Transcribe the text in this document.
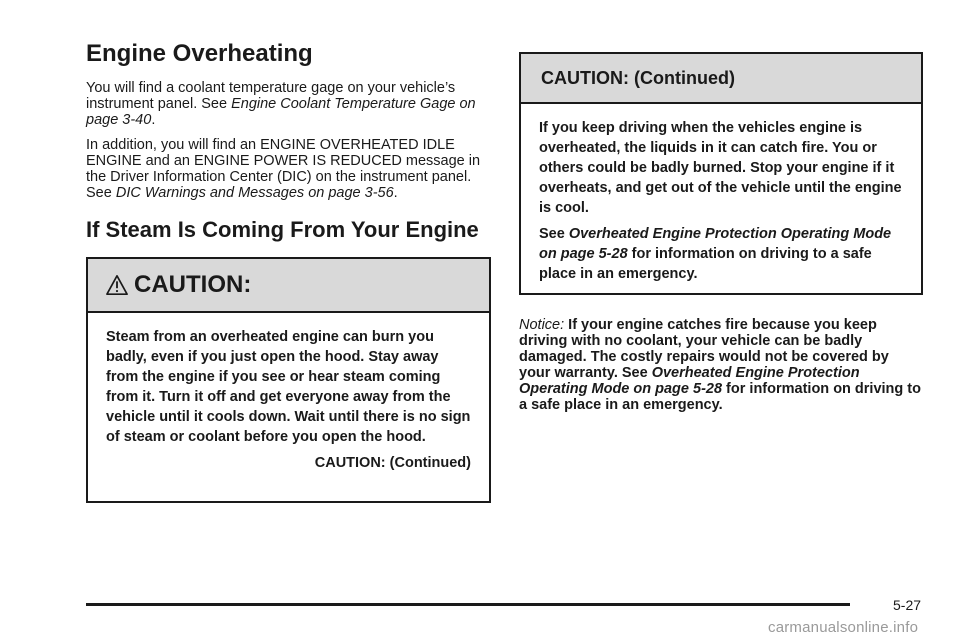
Engine Overheating

You will find a coolant temperature gage on your vehicle’s instrument panel. See Engine Coolant Temperature Gage on page 3-40.

In addition, you will find an ENGINE OVERHEATED IDLE ENGINE and an ENGINE POWER IS REDUCED message in the Driver Information Center (DIC) on the instrument panel. See DIC Warnings and Messages on page 3-56.

If Steam Is Coming From Your Engine
CAUTION:

Steam from an overheated engine can burn you badly, even if you just open the hood. Stay away from the engine if you see or hear steam coming from it. Turn it off and get everyone away from the vehicle until it cools down. Wait until there is no sign of steam or coolant before you open the hood.

CAUTION: (Continued)

CAUTION: (Continued)

If you keep driving when the vehicles engine is overheated, the liquids in it can catch fire. You or others could be badly burned. Stop your engine if it overheats, and get out of the vehicle until the engine is cool.

See Overheated Engine Protection Operating Mode on page 5-28 for information on driving to a safe place in an emergency.

Notice: If your engine catches fire because you keep driving with no coolant, your vehicle can be badly damaged. The costly repairs would not be covered by your warranty. See Overheated Engine Protection Operating Mode on page 5-28 for information on driving to a safe place in an emergency.

5-27
carmanualsonline.info
